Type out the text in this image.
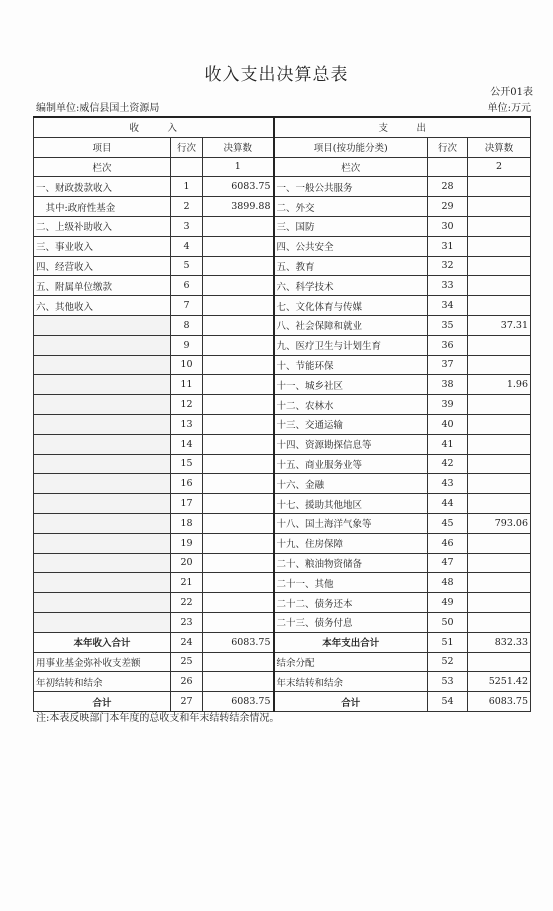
收入支出决算总表
公开01表
编制单位:威信县国土资源局	单位:万元
收　　　入			支　　　出		
项目	行次	决算数	项目(按功能分类)	行次	决算数
栏次		1	栏次		2
一、财政拨款收入	1	6083.75	一、一般公共服务	28	
　其中:政府性基金	2	3899.88	二、外交	29	
二、上级补助收入	3		三、国防	30	
三、事业收入	4		四、公共安全	31	
四、经营收入	5		五、教育	32	
五、附属单位缴款	6		六、科学技术	33	
六、其他收入	7		七、文化体育与传媒	34	
	8		八、社会保障和就业	35	37.31
	9		九、医疗卫生与计划生育	36	
	10		十、节能环保	37	
	11		十一、城乡社区	38	1.96
	12		十二、农林水	39	
	13		十三、交通运输	40	
	14		十四、资源勘探信息等	41	
	15		十五、商业服务业等	42	
	16		十六、金融	43	
	17		十七、援助其他地区	44	
	18		十八、国土海洋气象等	45	793.06
	19		十九、住房保障	46	
	20		二十、粮油物资储备	47	
	21		二十一、其他	48	
	22		二十二、债务还本	49	
	23		二十三、债务付息	50	
本年收入合计	24	6083.75	本年支出合计	51	832.33
用事业基金弥补收支差额	25		结余分配	52	
年初结转和结余	26		年末结转和结余	53	5251.42
合计	27	6083.75	合计	54	6083.75
注:本表反映部门本年度的总收支和年末结转结余情况。
